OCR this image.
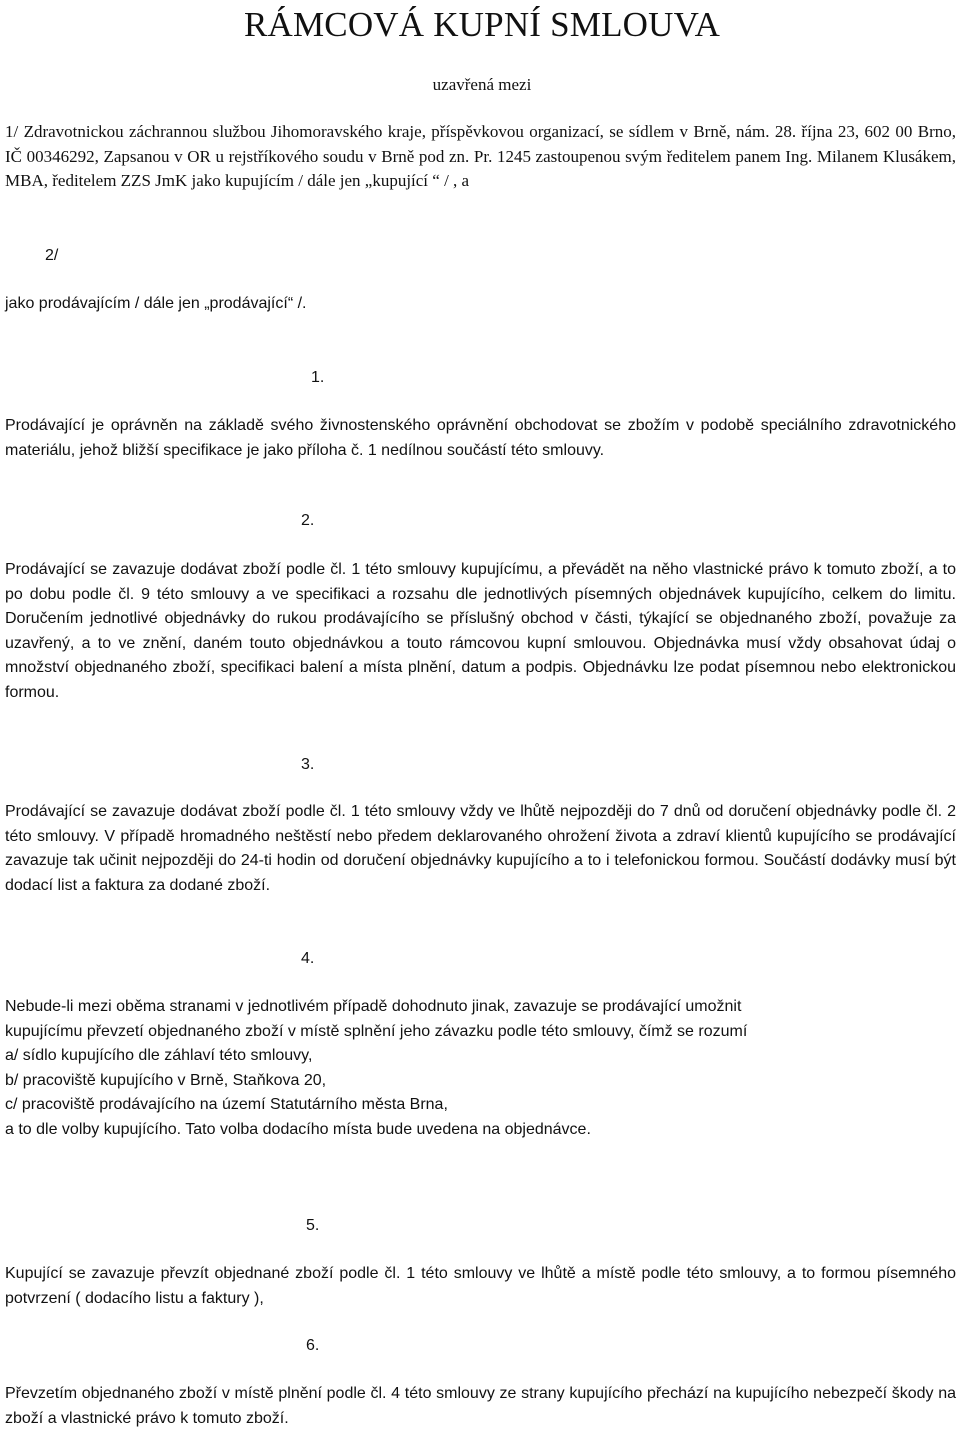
RÁMCOVÁ KUPNÍ SMLOUVA
uzavřená mezi

1/ Zdravotnickou záchrannou službou Jihomoravského kraje, příspěvkovou organizací, se sídlem v Brně, nám. 28. října 23, 602 00 Brno, IČ 00346292, Zapsanou v OR u rejstříkového soudu v Brně pod zn. Pr. 1245 zastoupenou svým ředitelem panem Ing. Milanem Klusákem, MBA, ředitelem ZZS JmK jako kupujícím / dále jen „kupující “ / , a

2/

jako prodávajícím / dále jen „prodávající“ /.

1.

Prodávající je oprávněn na základě svého živnostenského oprávnění obchodovat se zbožím v podobě speciálního zdravotnického materiálu, jehož bližší specifikace je jako příloha č. 1 nedílnou součástí této smlouvy.

2.

Prodávající se zavazuje dodávat zboží podle čl. 1 této smlouvy kupujícímu, a převádět na něho vlastnické právo k tomuto zboží, a to po dobu podle čl. 9 této smlouvy a ve specifikaci a rozsahu dle jednotlivých písemných objednávek kupujícího, celkem do limitu. Doručením jednotlivé objednávky do rukou prodávajícího se příslušný obchod v části, týkající se objednaného zboží, považuje za uzavřený, a to ve znění, daném touto objednávkou a touto rámcovou kupní smlouvou. Objednávka musí vždy obsahovat údaj o množství objednaného zboží, specifikaci balení a místa plnění, datum a podpis. Objednávku lze podat písemnou nebo elektronickou formou.

3.

Prodávající se zavazuje dodávat zboží podle čl. 1 této smlouvy vždy ve lhůtě nejpozději do 7 dnů od doručení objednávky podle čl. 2 této smlouvy. V případě hromadného neštěstí nebo předem deklarovaného ohrožení života a zdraví klientů kupujícího se prodávající zavazuje tak učinit nejpozději do 24-ti hodin od doručení objednávky kupujícího a to i telefonickou formou. Součástí dodávky musí být dodací list a faktura za dodané zboží.

4.
Nebude-li mezi oběma stranami v jednotlivém případě dohodnuto jinak, zavazuje se prodávající umožnit
kupujícímu převzetí objednaného zboží v místě splnění jeho závazku podle této smlouvy, čímž se rozumí
a/ sídlo kupujícího dle záhlaví této smlouvy,
b/ pracoviště kupujícího v Brně, Staňkova 20,
c/ pracoviště prodávajícího na území Statutárního města Brna,
a to dle volby kupujícího. Tato volba dodacího místa bude uvedena na objednávce.
5.

Kupující se zavazuje převzít objednané zboží podle čl. 1 této smlouvy ve lhůtě a místě podle této smlouvy, a to formou písemného potvrzení ( dodacího listu a faktury ),

6.

Převzetím objednaného zboží v místě plnění podle čl. 4 této smlouvy ze strany kupujícího přechází na kupujícího nebezpečí škody na zboží a vlastnické právo k tomuto zboží.
